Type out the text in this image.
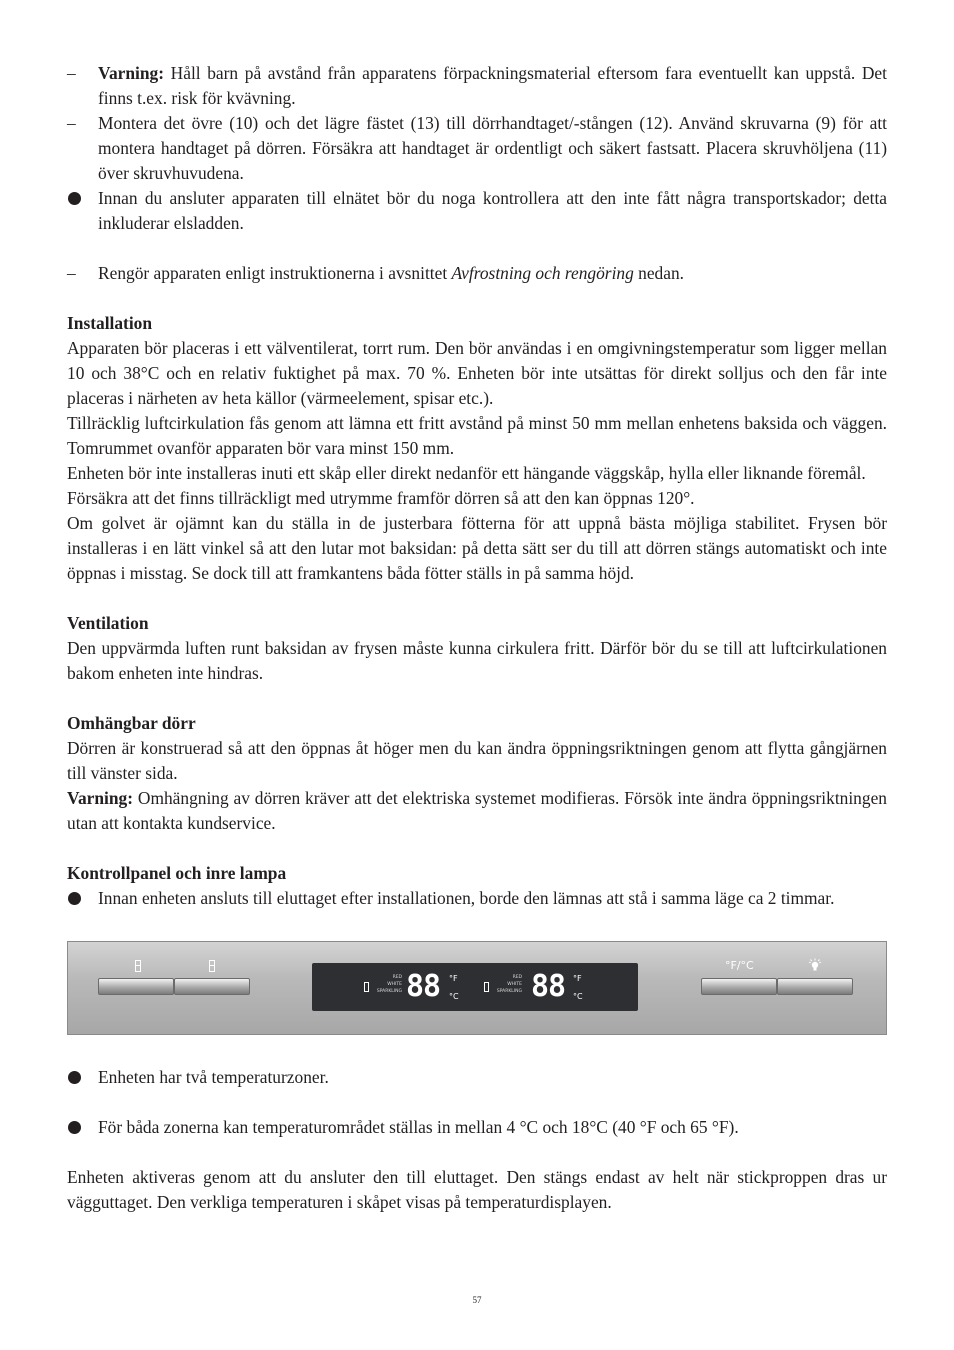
– Varning: Håll barn på avstånd från apparatens förpackningsmaterial eftersom fara eventuellt kan uppstå. Det finns t.ex. risk för kvävning.
– Montera det övre (10) och det lägre fästet (13) till dörrhandtaget/-stången (12). Använd skruvarna (9) för att montera handtaget på dörren. Försäkra att handtaget är ordentligt och säkert fastsatt. Placera skruvhöljena (11) över skruvhuvudena.
Innan du ansluter apparaten till elnätet bör du noga kontrollera att den inte fått några transportskador; detta inkluderar elsladden.
– Rengör apparaten enligt instruktionerna i avsnittet Avfrostning och rengöring nedan.
Installation

Apparaten bör placeras i ett välventilerat, torrt rum. Den bör användas i en omgivningstemperatur som ligger mellan 10 och 38°C och en relativ fuktighet på max. 70 %. Enheten bör inte utsättas för direkt solljus och den får inte placeras i närheten av heta källor (värmeelement, spisar etc.).

Tillräcklig luftcirkulation fås genom att lämna ett fritt avstånd på minst 50 mm mellan enhetens baksida och väggen. Tomrummet ovanför apparaten bör vara minst 150 mm.

Enheten bör inte installeras inuti ett skåp eller direkt nedanför ett hängande väggskåp, hylla eller liknande föremål.

Försäkra att det finns tillräckligt med utrymme framför dörren så att den kan öppnas 120°.

Om golvet är ojämnt kan du ställa in de justerbara fötterna för att uppnå bästa möjliga stabilitet. Frysen bör installeras i en lätt vinkel så att den lutar mot baksidan: på detta sätt ser du till att dörren stängs automatiskt och inte öppnas i misstag. Se dock till att framkantens båda fötter ställs in på samma höjd.

Ventilation

Den uppvärmda luften runt baksidan av frysen måste kunna cirkulera fritt. Därför bör du se till att luftcirkulationen bakom enheten inte hindras.

Omhängbar dörr

Dörren är konstruerad så att den öppnas åt höger men du kan ändra öppningsriktningen genom att flytta gångjärnen till vänster sida.

Varning: Omhängning av dörren kräver att det elektriska systemet modifieras. Försök inte ändra öppningsriktningen utan att kontakta kundservice.

Kontrollpanel och inre lampa
Innan enheten ansluts till eluttaget efter installationen, borde den lämnas att stå i samma läge ca 2 timmar.
RED
WHITE
SPARKLING 88 °F
°C
RED
WHITE
SPARKLING 88 °F
°C
°F/°C
Enheten har två temperaturzoner.
För båda zonerna kan temperaturområdet ställas in mellan 4 °C och 18°C (40 °F och 65 °F).

Enheten aktiveras genom att du ansluter den till eluttaget. Den stängs endast av helt när stickproppen dras ur vägguttaget. Den verkliga temperaturen i skåpet visas på temperaturdisplayen.

57
